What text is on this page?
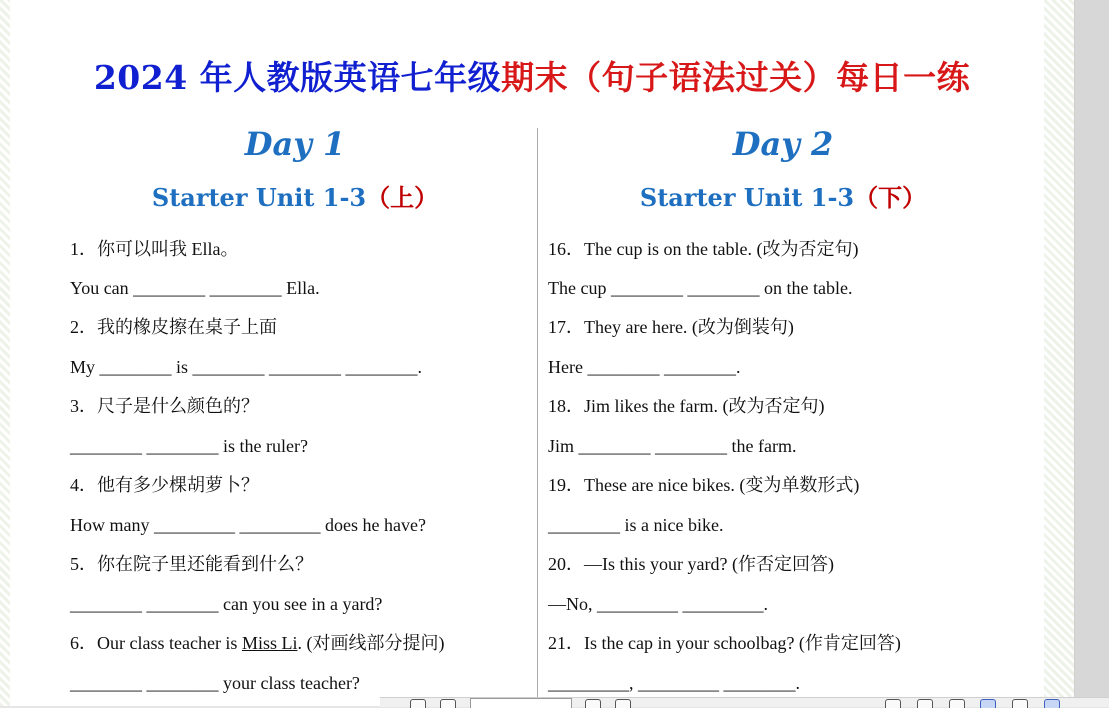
2024 年人教版英语七年级期末（句子语法过关）每日一练
Day 1
Starter Unit 1-3（上）
1．你可以叫我 Ella。
You can ________ ________ Ella.
2．我的橡皮擦在桌子上面
My ________ is ________ ________ ________.
3．尺子是什么颜色的？
________ ________ is the ruler?
4．他有多少棵胡萝卜？
How many _________ _________ does he have?
5．你在院子里还能看到什么？
________ ________ can you see in a yard?
6．Our class teacher is Miss Li. (对画线部分提问)
________ ________ your class teacher?
Day 2
Starter Unit 1-3（下）
16．The cup is on the table. (改为否定句)
The cup ________ ________ on the table.
17．They are here. (改为倒装句)
Here ________ ________.
18．Jim likes the farm. (改为否定句)
Jim ________ ________ the farm.
19．These are nice bikes. (变为单数形式)
________ is a nice bike.
20．—Is this your yard? (作否定回答)
—No, _________ _________.
21．Is the cap in your schoolbag? (作肯定回答)
_________, _________ ________.
